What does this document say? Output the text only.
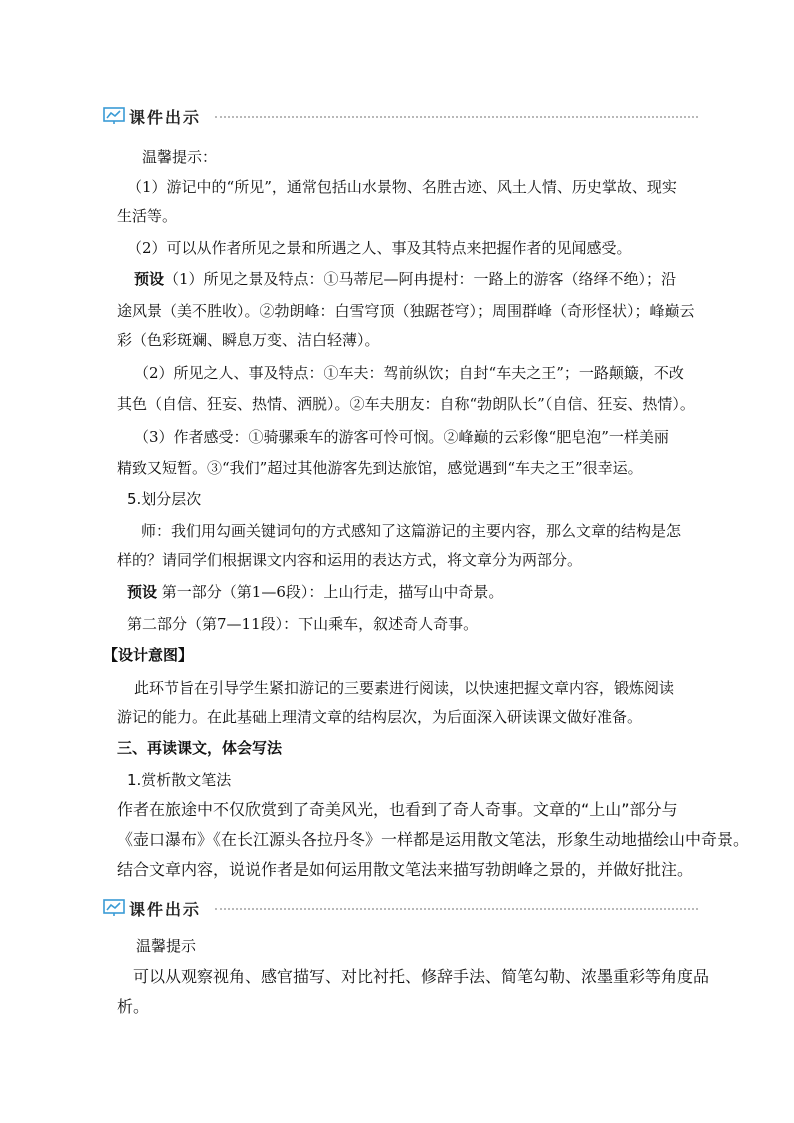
课件出示
温馨提示：
（1）游记中的“所见”，通常包括山水景物、名胜古迹、风土人情、历史掌故、现实
生活等。
（2）可以从作者所见之景和所遇之人、事及其特点来把握作者的见闻感受。
预设（1）所见之景及特点：①马蒂尼—阿冉提村：一路上的游客（络绎不绝）；沿
途风景（美不胜收）。②勃朗峰：白雪穹顶（独踞苍穹）；周围群峰（奇形怪状）；峰巅云
彩（色彩斑斓、瞬息万变、洁白轻薄）。
（2）所见之人、事及特点：①车夫：驾前纵饮；自封“车夫之王”；一路颠簸，不改
其色（自信、狂妄、热情、洒脱）。②车夫朋友：自称“勃朗队长”（自信、狂妄、热情）。
（3）作者感受：①骑骡乘车的游客可怜可悯。②峰巅的云彩像“肥皂泡”一样美丽
精致又短暂。③“我们”超过其他游客先到达旅馆，感觉遇到“车夫之王”很幸运。
5.划分层次
师：我们用勾画关键词句的方式感知了这篇游记的主要内容，那么文章的结构是怎
样的？请同学们根据课文内容和运用的表达方式，将文章分为两部分。
预设 第一部分（第1—6段）：上山行走，描写山中奇景。
第二部分（第7—11段）：下山乘车，叙述奇人奇事。
【设计意图】
此环节旨在引导学生紧扣游记的三要素进行阅读，以快速把握文章内容，锻炼阅读
游记的能力。在此基础上理清文章的结构层次，为后面深入研读课文做好准备。
三、再读课文，体会写法
1.赏析散文笔法
作者在旅途中不仅欣赏到了奇美风光，也看到了奇人奇事。文章的“上山”部分与
《壶口瀑布》《在长江源头各拉丹冬》一样都是运用散文笔法，形象生动地描绘山中奇景。
结合文章内容，说说作者是如何运用散文笔法来描写勃朗峰之景的，并做好批注。
课件出示
温馨提示
可以从观察视角、感官描写、对比衬托、修辞手法、简笔勾勒、浓墨重彩等角度品
析。
